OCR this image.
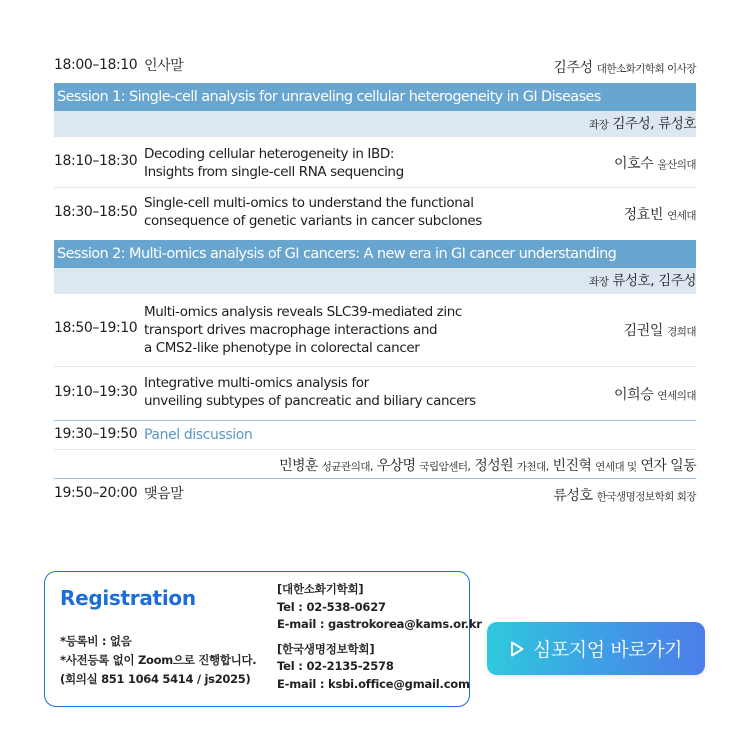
18:00–18:10 인사말	김주성 대한소화기학회 이사장
Session 1: Single-cell analysis for unraveling cellular heterogeneity in GI Diseases
좌장 김주성, 류성호
18:10–18:30 Decoding cellular heterogeneity in IBD:
Insights from single-cell RNA sequencing	이호수 울산의대
18:30–18:50
Single-cell multi-omics to understand the functional
consequence of genetic variants in cancer subclones	정효빈 연세대
Session 2: Multi-omics analysis of GI cancers: A new era in GI cancer understanding
좌장 류성호, 김주성
18:50–19:10
Multi-omics analysis reveals SLC39-mediated zinc
transport drives macrophage interactions and
a CMS2-like phenotype in colorectal cancer
김권일 경희대
19:10–19:30
Integrative multi-omics analysis for
unveiling subtypes of pancreatic and biliary cancers	이희승 연세의대
19:30–19:50 Panel discussion
민병훈 성균관의대, 우상명 국립암센터, 정성원 가천대, 빈진혁 연세대 및 연자 일동
19:50–20:00 맺음말	류성호 한국생명정보학회 회장
Registration
*등록비 : 없음
*사전등록 없이 Zoom으로 진행합니다.
(회의실 851 1064 5414 / js2025)
[대한소화기학회]
Tel : 02-538-0627
E-mail : gastrokorea@kams.or.kr
[한국생명정보학회]
Tel : 02-2135-2578
E-mail : ksbi.office@gmail.com
심포지엄 바로가기
